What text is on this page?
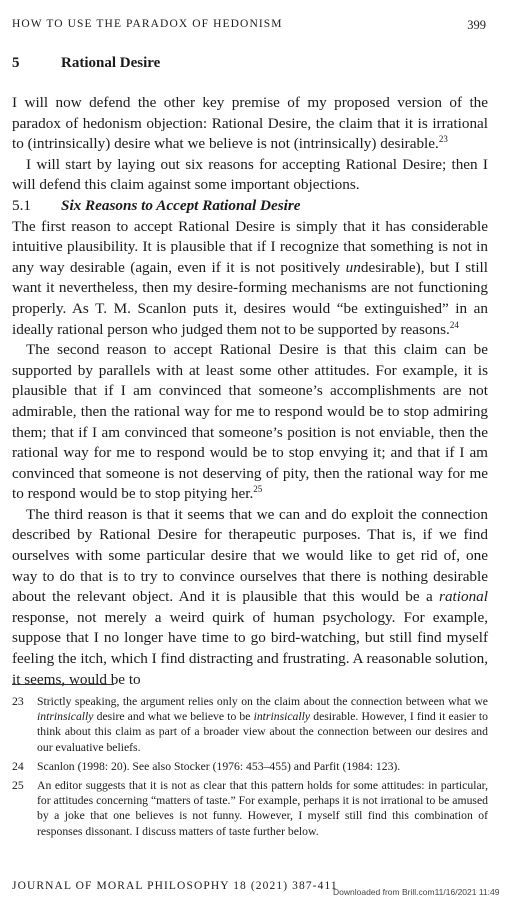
HOW TO USE THE PARADOX OF HEDONISM	399
5	Rational Desire

I will now defend the other key premise of my proposed version of the paradox of hedonism objection: Rational Desire, the claim that it is irrational to (intrinsically) desire what we believe is not (intrinsically) desirable.$^{23}$

I will start by laying out six reasons for accepting Rational Desire; then I will defend this claim against some important objections.

5.1 Six Reasons to Accept Rational Desire

The first reason to accept Rational Desire is simply that it has considerable intuitive plausibility. It is plausible that if I recognize that something is not in any way desirable (again, even if it is not positively undesirable), but I still want it nevertheless, then my desire-forming mechanisms are not functioning properly. As T. M. Scanlon puts it, desires would “be extinguished” in an ideally rational person who judged them not to be supported by reasons.$^{24}$

The second reason to accept Rational Desire is that this claim can be supported by parallels with at least some other attitudes. For example, it is plausible that if I am convinced that someone’s accomplishments are not admirable, then the rational way for me to respond would be to stop admiring them; that if I am convinced that someone’s position is not enviable, then the rational way for me to respond would be to stop envying it; and that if I am convinced that someone is not deserving of pity, then the rational way for me to respond would be to stop pitying her.$^{25}$

The third reason is that it seems that we can and do exploit the connection described by Rational Desire for therapeutic purposes. That is, if we find ourselves with some particular desire that we would like to get rid of, one way to do that is to try to convince ourselves that there is nothing desirable about the relevant object. And it is plausible that this would be a rational response, not merely a weird quirk of human psychology. For example, suppose that I no longer have time to go bird-watching, but still find myself feeling the itch, which I find distracting and frustrating. A reasonable solution, it seems, would be to

23	Strictly speaking, the argument relies only on the claim about the connection between what we intrinsically desire and what we believe to be intrinsically desirable. However, I find it easier to think about this claim as part of a broader view about the connection between our desires and our evaluative beliefs.
24	Scanlon (1998: 20). See also Stocker (1976: 453–455) and Parfit (1984: 123).
25	An editor suggests that it is not as clear that this pattern holds for some attitudes: in particular, for attitudes concerning “matters of taste.” For example, perhaps it is not irrational to be amused by a joke that one believes is not funny. However, I myself still find this combination of responses dissonant. I discuss matters of taste further below.
JOURNAL OF MORAL PHILOSOPHY 18 (2021) 387-411
Downloaded from Brill.com11/16/2021 11:49
